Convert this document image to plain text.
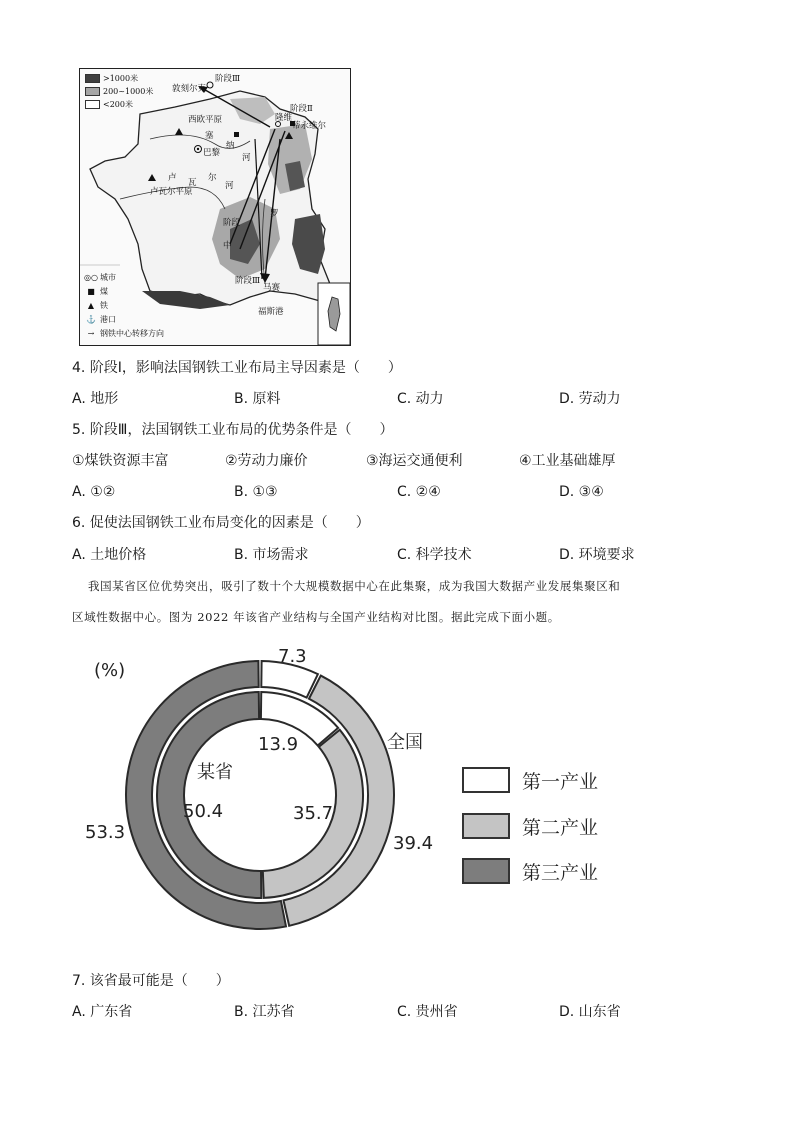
>1000米
200~1000米
<200米
◎○ 城市
■ 煤
▲ 铁
⚓ 港口
→ 钢铁中心转移方向
阶段Ⅲ
敦刻尔克
阶段Ⅱ
隆维
蒂永维尔
西欧平原
塞
巴黎
纳
河
卢 瓦 尔
卢瓦尔平原
河
罗
阶段
中
阶段Ⅲ
马赛
福斯港
4. 阶段Ⅰ，影响法国钢铁工业布局主导因素是（　　）
A. 地形	B. 原料	C. 动力	D. 劳动力
5. 阶段Ⅲ，法国钢铁工业布局的优势条件是（　　）
①煤铁资源丰富	②劳动力廉价	③海运交通便利	④工业基础雄厚
A. ①②	B. ①③	C. ②④	D. ③④
6. 促使法国钢铁工业布局变化的因素是（　　）
A. 土地价格	B. 市场需求	C. 科学技术	D. 环境要求
我国某省区位优势突出，吸引了数十个大规模数据中心在此集聚，成为我国大数据产业发展集聚区和
区域性数据中心。图为 2022 年该省产业结构与全国产业结构对比图。据此完成下面小题。
(%)
7.3
39.4
53.3
13.9
35.7
50.4
全国
某省	第一产业
第二产业
第三产业
7. 该省最可能是（　　）
A. 广东省	B. 江苏省	C. 贵州省	D. 山东省
